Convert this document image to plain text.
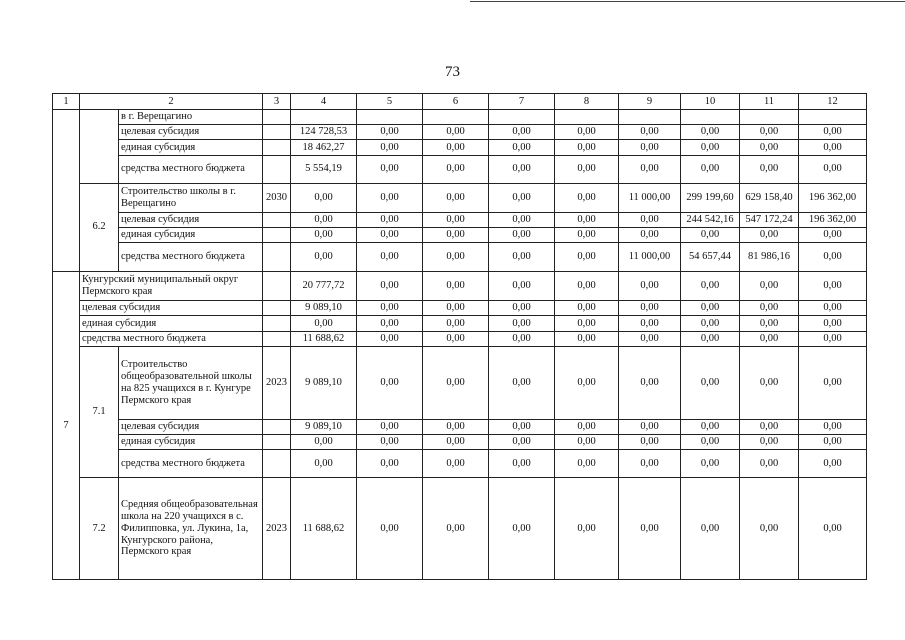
73
1	2		3	4	5	6	7	8	9	10	11	12
		в г. Верещагино										
		целевая субсидия		124 728,53	0,00	0,00	0,00	0,00	0,00	0,00	0,00	0,00
		единая субсидия		18 462,27	0,00	0,00	0,00	0,00	0,00	0,00	0,00	0,00
		средства местного бюджета		5 554,19	0,00	0,00	0,00	0,00	0,00	0,00	0,00	0,00
	6.2	Строительство школы в г. Верещагино	2030	0,00	0,00	0,00	0,00	0,00	11 000,00	299 199,60	629 158,40	196 362,00
		целевая субсидия		0,00	0,00	0,00	0,00	0,00	0,00	244 542,16	547 172,24	196 362,00
		единая субсидия		0,00	0,00	0,00	0,00	0,00	0,00	0,00	0,00	0,00
		средства местного бюджета		0,00	0,00	0,00	0,00	0,00	11 000,00	54 657,44	81 986,16	0,00
7	Кунгурский муниципальный округ Пермского края			20 777,72	0,00	0,00	0,00	0,00	0,00	0,00	0,00	0,00
	целевая субсидия			9 089,10	0,00	0,00	0,00	0,00	0,00	0,00	0,00	0,00
	единая субсидия			0,00	0,00	0,00	0,00	0,00	0,00	0,00	0,00	0,00
	средства местного бюджета			11 688,62	0,00	0,00	0,00	0,00	0,00	0,00	0,00	0,00
	7.1	Строительство общеобразовательной школы на 825 учащихся в г. Кунгуре Пермского края	2023	9 089,10	0,00	0,00	0,00	0,00	0,00	0,00	0,00	0,00
		целевая субсидия		9 089,10	0,00	0,00	0,00	0,00	0,00	0,00	0,00	0,00
		единая субсидия		0,00	0,00	0,00	0,00	0,00	0,00	0,00	0,00	0,00
		средства местного бюджета		0,00	0,00	0,00	0,00	0,00	0,00	0,00	0,00	0,00
	7.2	Средняя общеобразовательная школа на 220 учащихся в с. Филипповка, ул. Лукина, 1а, Кунгурского района, Пермского края	2023	11 688,62	0,00	0,00	0,00	0,00	0,00	0,00	0,00	0,00
